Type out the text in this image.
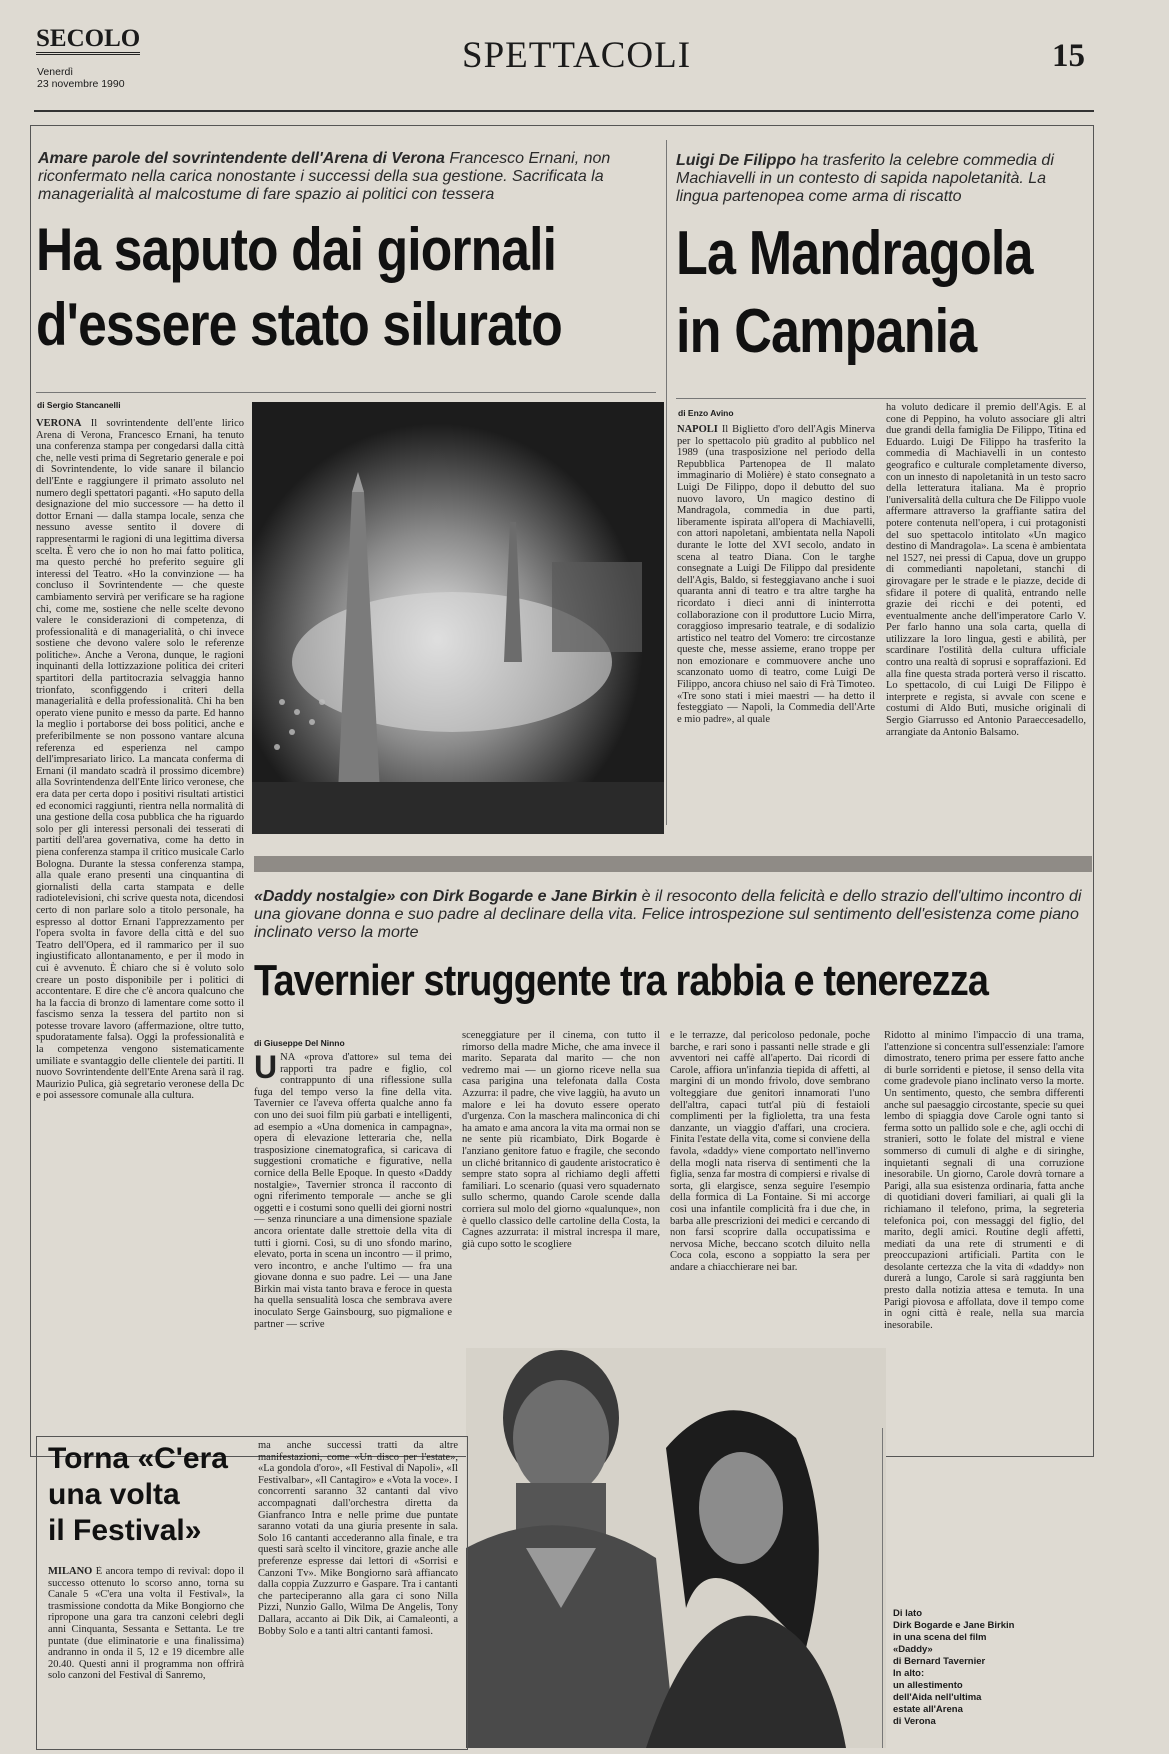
SECOLO
Venerdì
23 novembre 1990
SPETTACOLI	15
Amare parole del sovrintendente dell'Arena di Verona Francesco Ernani, non riconfermato nella carica nonostante i successi della sua gestione. Sacrificata la managerialità al malcostume di fare spazio ai politici con tessera
Ha saputo dai giornali
d'essere stato silurato
di Sergio Stancanelli

VERONA Il sovrintendente dell'ente lirico Arena di Verona, Francesco Ernani, ha tenuto una conferenza stampa per congedarsi dalla città che, nelle vesti prima di Segretario generale e poi di Sovrintendente, lo vide sanare il bilancio dell'Ente e raggiungere il primato assoluto nel numero degli spettatori paganti. «Ho saputo della designazione del mio successore — ha detto il dottor Ernani — dalla stampa locale, senza che nessuno avesse sentito il dovere di rappresentarmi le ragioni di una legittima diversa scelta. È vero che io non ho mai fatto politica, ma questo perché ho preferito seguire gli interessi del Teatro. «Ho la convinzione — ha concluso il Sovrintendente — che queste cambiamento servirà per verificare se ha ragione chi, come me, sostiene che nelle scelte devono valere le considerazioni di competenza, di professionalità e di managerialità, o chi invece sostiene che devono valere solo le referenze politiche». Anche a Verona, dunque, le ragioni inquinanti della lottizzazione politica dei criteri spartitori della partitocrazia selvaggia hanno trionfato, sconfiggendo i criteri della managerialità e della professionalità. Chi ha ben operato viene punito e messo da parte. Ed hanno la meglio i portaborse dei boss politici, anche e preferibilmente se non possono vantare alcuna referenza ed esperienza nel campo dell'impresariato lirico. La mancata conferma di Ernani (il mandato scadrà il prossimo dicembre) alla Sovrintendenza dell'Ente lirico veronese, che era data per certa dopo i positivi risultati artistici ed economici raggiunti, rientra nella normalità di una gestione della cosa pubblica che ha riguardo solo per gli interessi personali dei tesserati di partiti dell'area governativa, come ha detto in piena conferenza stampa il critico musicale Carlo Bologna. Durante la stessa conferenza stampa, alla quale erano presenti una cinquantina di giornalisti della carta stampata e delle radiotelevisioni, chi scrive questa nota, dicendosi certo di non parlare solo a titolo personale, ha espresso al dottor Ernani l'apprezzamento per l'opera svolta in favore della città e del suo Teatro dell'Opera, ed il rammarico per il suo ingiustificato allontanamento, e per il modo in cui è avvenuto. È chiaro che si è voluto solo creare un posto disponibile per i politici di accontentare. E dire che c'è ancora qualcuno che ha la faccia di bronzo di lamentare come sotto il fascismo senza la tessera del partito non si potesse trovare lavoro (affermazione, oltre tutto, spudoratamente falsa). Oggi la professionalità e la competenza vengono sistematicamente umiliate e svantaggio delle clientele dei partiti. Il nuovo Sovrintendente dell'Ente Arena sarà il rag. Maurizio Pulica, già segretario veronese della Dc e poi assessore comunale alla cultura.

Luigi De Filippo ha trasferito la celebre commedia di Machiavelli in un contesto di sapida napoletanità. La lingua partenopea come arma di riscatto
La Mandragola
in Campania
di Enzo Avino

NAPOLI Il Biglietto d'oro dell'Agis Minerva per lo spettacolo più gradito al pubblico nel 1989 (una trasposizione nel periodo della Repubblica Partenopea de Il malato immaginario di Molière) è stato consegnato a Luigi De Filippo, dopo il debutto del suo nuovo lavoro, Un magico destino di Mandragola, commedia in due parti, liberamente ispirata all'opera di Machiavelli, con attori napoletani, ambientata nella Napoli durante le lotte del XVI secolo, andato in scena al teatro Diana. Con le targhe consegnate a Luigi De Filippo dal presidente dell'Agis, Baldo, si festeggiavano anche i suoi quaranta anni di teatro e tra altre targhe ha ricordato i dieci anni di ininterrotta collaborazione con il produttore Lucio Mirra, coraggioso impresario teatrale, e di sodalizio artistico nel teatro del Vomero: tre circostanze queste che, messe assieme, erano troppe per non emozionare e commuovere anche uno scanzonato uomo di teatro, come Luigi De Filippo, ancora chiuso nel saio di Frà Timoteo. «Tre sono stati i miei maestri — ha detto il festeggiato — Napoli, la Commedia dell'Arte e mio padre», al quale

ha voluto dedicare il premio dell'Agis. E al cone di Peppino, ha voluto associare gli altri due grandi della famiglia De Filippo, Titina ed Eduardo. Luigi De Filippo ha trasferito la commedia di Machiavelli in un contesto geografico e culturale completamente diverso, con un innesto di napoletanità in un testo sacro della letteratura italiana. Ma è proprio l'universalità della cultura che De Filippo vuole affermare attraverso la graffiante satira del potere contenuta nell'opera, i cui protagonisti del suo spettacolo intitolato «Un magico destino di Mandragola». La scena è ambientata nel 1527, nei pressi di Capua, dove un gruppo di commedianti napoletani, stanchi di girovagare per le strade e le piazze, decide di sfidare il potere di qualità, entrando nelle grazie dei ricchi e dei potenti, ed eventualmente anche dell'imperatore Carlo V. Per farlo hanno una sola carta, quella di utilizzare la loro lingua, gesti e abilità, per scardinare l'ostilità della cultura ufficiale contro una realtà di soprusi e sopraffazioni. Ed alla fine questa strada porterà verso il riscatto. Lo spettacolo, di cui Luigi De Filippo è interprete e regista, si avvale con scene e costumi di Aldo Buti, musiche originali di Sergio Giarrusso ed Antonio Paraeccesadello, arrangiate da Antonio Balsamo.

«Daddy nostalgie» con Dirk Bogarde e Jane Birkin è il resoconto della felicità e dello strazio dell'ultimo incontro di una giovane donna e suo padre al declinare della vita. Felice introspezione sul sentimento dell'esistenza come piano inclinato verso la morte
Tavernier struggente tra rabbia e tenerezza
di Giuseppe Del Ninno

UNA «prova d'attore» sul tema dei rapporti tra padre e figlio, col contrappunto di una riflessione sulla fuga del tempo verso la fine della vita. Tavernier ce l'aveva offerta qualche anno fa con uno dei suoi film più garbati e intelligenti, ad esempio a «Una domenica in campagna», opera di elevazione letteraria che, nella trasposizione cinematografica, si caricava di suggestioni cromatiche e figurative, nella cornice della Belle Epoque. In questo «Daddy nostalgie», Tavernier stronca il racconto di ogni riferimento temporale — anche se gli oggetti e i costumi sono quelli dei giorni nostri — senza rinunciare a una dimensione spaziale ancora orientate dalle strettoie della vita di tutti i giorni. Così, su di uno sfondo marino, elevato, porta in scena un incontro — il primo, vero incontro, e anche l'ultimo — fra una giovane donna e suo padre. Lei — una Jane Birkin mai vista tanto brava e feroce in questa ha quella sensualità losca che sembrava avere inoculato Serge Gainsbourg, suo pigmalione e partner — scrive

sceneggiature per il cinema, con tutto il rimorso della madre Miche, che ama invece il marito. Separata dal marito — che non vedremo mai — un giorno riceve nella sua casa parigina una telefonata dalla Costa Azzurra: il padre, che vive laggiù, ha avuto un malore e lei ha dovuto essere operato d'urgenza. Con la maschera malinconica di chi ha amato e ama ancora la vita ma ormai non se ne sente più ricambiato, Dirk Bogarde è l'anziano genitore fatuo e fragile, che secondo un cliché britannico di gaudente aristocratico è sempre stato sopra al richiamo degli affetti familiari. Lo scenario (quasi vero squadernato sullo schermo, quando Carole scende dalla corriera sul molo del giorno «qualunque», non è quello classico delle cartoline della Costa, la Cagnes azzurrata: il mistral increspa il mare, già cupo sotto le scogliere

e le terrazze, dal pericoloso pedonale, poche barche, e rari sono i passanti nelle strade e gli avventori nei caffè all'aperto. Dai ricordi di Carole, affiora un'infanzia tiepida di affetti, al margini di un mondo frivolo, dove sembrano volteggiare due genitori innamorati l'uno dell'altra, capaci tutt'al più di festaioli complimenti per la figlioletta, tra una festa danzante, un viaggio d'affari, una crociera. Finita l'estate della vita, come si conviene della favola, «daddy» viene comportato nell'inverno della mogli nata riserva di sentimenti che la figlia, senza far mostra di compiersi e rivalse di sorta, gli elargisce, senza seguire l'esempio della formica di La Fontaine. Si mi accorge così una infantile complicità fra i due che, in barba alle prescrizioni dei medici e cercando di non farsi scoprire dalla occupatissima e nervosa Miche, beccano scotch diluito nella Coca cola, escono a soppiatto la sera per andare a chiacchierare nei bar.

Ridotto al minimo l'impaccio di una trama, l'attenzione si concentra sull'essenziale: l'amore dimostrato, tenero prima per essere fatto anche di burle sorridenti e pietose, il senso della vita come gradevole piano inclinato verso la morte. Un sentimento, questo, che sembra differenti anche sul paesaggio circostante, specie su quei lembo di spiaggia dove Carole ogni tanto si ferma sotto un pallido sole e che, agli occhi di stranieri, sotto le folate del mistral e viene sommerso di cumuli di alghe e di siringhe, inquietanti segnali di una corruzione inesorabile. Un giorno, Carole dovrà tornare a Parigi, alla sua esistenza ordinaria, fatta anche di quotidiani doveri familiari, ai quali gli la richiamano il telefono, prima, la segreteria telefonica poi, con messaggi del figlio, del marito, degli amici. Routine degli affetti, mediati da una rete di strumenti e di preoccupazioni artificiali. Partita con le desolante certezza che la vita di «daddy» non durerà a lungo, Carole si sarà raggiunta ben presto dalla notizia attesa e temuta. In una Parigi piovosa e affollata, dove il tempo come in ogni città è reale, nella sua marcia inesorabile.

Di lato
Dirk Bogarde e Jane Birkin
in una scena del film
«Daddy»
di Bernard Tavernier
In alto:
un allestimento
dell'Aida nell'ultima
estate all'Arena
di Verona
Torna «C'era
una volta
il Festival»

MILANO È ancora tempo di revival: dopo il successo ottenuto lo scorso anno, torna su Canale 5 «C'era una volta il Festival», la trasmissione condotta da Mike Bongiorno che ripropone una gara tra canzoni celebri degli anni Cinquanta, Sessanta e Settanta. Le tre puntate (due eliminatorie e una finalissima) andranno in onda il 5, 12 e 19 dicembre alle 20.40. Questi anni il programma non offrirà solo canzoni del Festival di Sanremo,

ma anche successi tratti da altre manifestazioni, come «Un disco per l'estate», «La gondola d'oro», «Il Festival di Napoli», «Il Festivalbar», «Il Cantagiro» e «Vota la voce». I concorrenti saranno 32 cantanti dal vivo accompagnati dall'orchestra diretta da Gianfranco Intra e nelle prime due puntate saranno votati da una giuria presente in sala. Solo 16 cantanti accederanno alla finale, e tra questi sarà scelto il vincitore, grazie anche alle preferenze espresse dai lettori di «Sorrisi e Canzoni Tv». Mike Bongiorno sarà affiancato dalla coppia Zuzzurro e Gaspare. Tra i cantanti che parteciperanno alla gara ci sono Nilla Pizzi, Nunzio Gallo, Wilma De Angelis, Tony Dallara, accanto ai Dik Dik, ai Camaleonti, a Bobby Solo e a tanti altri cantanti famosi.
